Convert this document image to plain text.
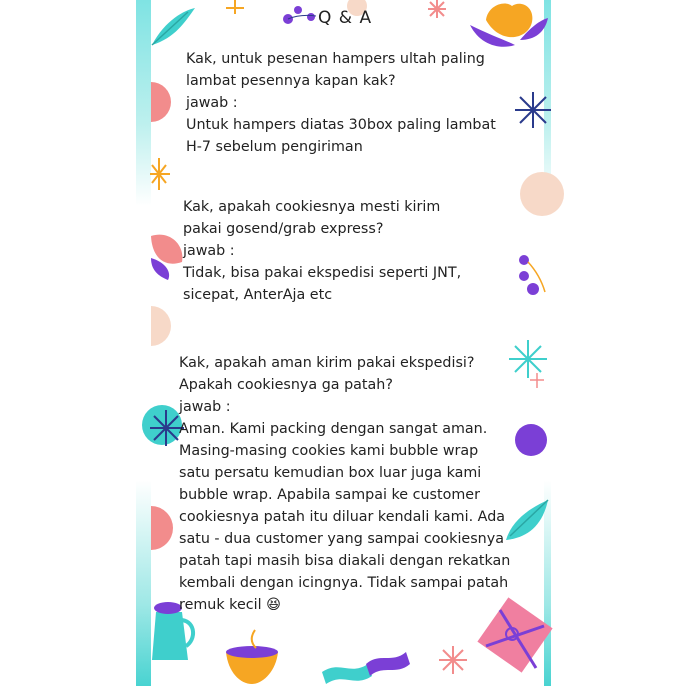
Q & A
Kak, untuk pesenan hampers ultah paling
lambat pesennya kapan kak?
jawab :
Untuk hampers diatas 30box paling lambat
H-7 sebelum pengiriman
Kak, apakah cookiesnya mesti kirim
pakai gosend/grab express?
jawab :
Tidak, bisa pakai ekspedisi seperti JNT,
sicepat, AnterAja etc
Kak, apakah aman kirim pakai ekspedisi?
Apakah cookiesnya ga patah?
jawab :
Aman. Kami packing dengan sangat aman.
Masing-masing cookies kami bubble wrap
satu persatu kemudian box luar juga kami
bubble wrap. Apabila sampai ke customer
cookiesnya patah itu diluar kendali kami. Ada
satu - dua customer yang sampai cookiesnya
patah tapi masih bisa diakali dengan rekatkan
kembali dengan icingnya. Tidak sampai patah
remuk kecil 😆
